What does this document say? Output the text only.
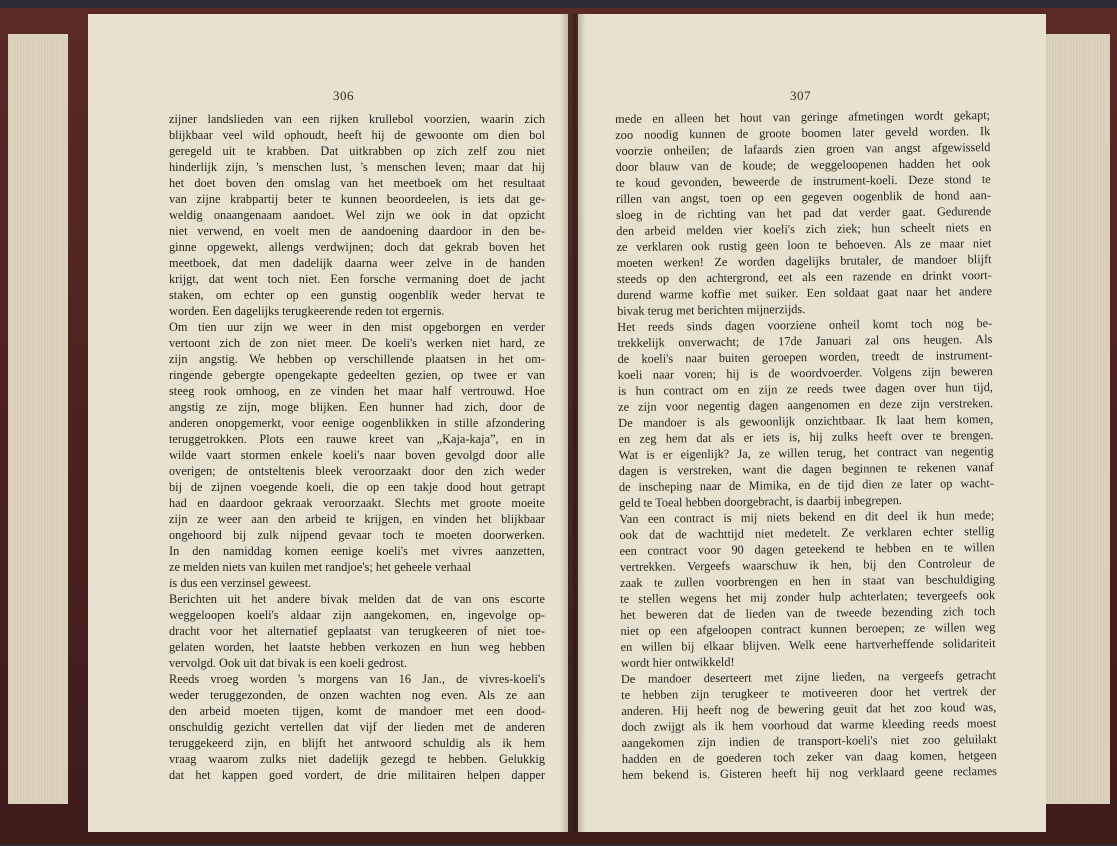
306
zijner landslieden van een rijken krullebol voorzien, waarin zich
blijkbaar veel wild ophoudt, heeft hij de gewoonte om dien bol
geregeld uit te krabben. Dat uitkrabben op zich zelf zou niet
hinderlijk zijn, 's menschen lust, 's menschen leven; maar dat hij
het doet boven den omslag van het meetboek om het resultaat
van zijne krabpartij beter te kunnen beoordeelen, is iets dat ge-
weldig onaangenaam aandoet. Wel zijn we ook in dat opzicht
niet verwend, en voelt men de aandoening daardoor in den be-
ginne opgewekt, allengs verdwijnen; doch dat gekrab boven het
meetboek, dat men dadelijk daarna weer zelve in de handen
krijgt, dat went toch niet. Een forsche vermaning doet de jacht
staken, om echter op een gunstig oogenblik weder hervat te
worden. Een dagelijks terugkeerende reden tot ergernis.
Om tien uur zijn we weer in den mist opgeborgen en verder
vertoont zich de zon niet meer. De koeli's werken niet hard, ze
zijn angstig. We hebben op verschillende plaatsen in het om-
ringende gebergte opengekapte gedeelten gezien, op twee er van
steeg rook omhoog, en ze vinden het maar half vertrouwd. Hoe
angstig ze zijn, moge blijken. Een hunner had zich, door de
anderen onopgemerkt, voor eenige oogenblikken in stille afzondering
teruggetrokken. Plots een rauwe kreet van „Kaja-kaja”, en in
wilde vaart stormen enkele koeli's naar boven gevolgd door alle
overigen; de ontsteltenis bleek veroorzaakt door den zich weder
bij de zijnen voegende koeli, die op een takje dood hout getrapt
had en daardoor gekraak veroorzaakt. Slechts met groote moeite
zijn ze weer aan den arbeid te krijgen, en vinden het blijkbaar
ongehoord bij zulk nijpend gevaar toch te moeten doorwerken.
In den namiddag komen eenige koeli's met vivres aanzetten,
ze melden niets van kuilen met randjoe's; het geheele verhaal
is dus een verzinsel geweest.
Berichten uit het andere bivak melden dat de van ons escorte
weggeloopen koeli's aldaar zijn aangekomen, en, ingevolge op-
dracht voor het alternatief geplaatst van terugkeeren of niet toe-
gelaten worden, het laatste hebben verkozen en hun weg hebben
vervolgd. Ook uit dat bivak is een koeli gedrost.
Reeds vroeg worden 's morgens van 16 Jan., de vivres-koeli's
weder teruggezonden, de onzen wachten nog even. Als ze aan
den arbeid moeten tijgen, komt de mandoer met een dood-
onschuldig gezicht vertellen dat vijf der lieden met de anderen
teruggekeerd zijn, en blijft het antwoord schuldig als ik hem
vraag waarom zulks niet dadelijk gezegd te hebben. Gelukkig
dat het kappen goed vordert, de drie militairen helpen dapper
307
mede en alleen het hout van geringe afmetingen wordt gekapt;
zoo noodig kunnen de groote boomen later geveld worden. Ik
voorzie onheilen; de lafaards zien groen van angst afgewisseld
door blauw van de koude; de weggeloopenen hadden het ook
te koud gevonden, beweerde de instrument-koeli. Deze stond te
rillen van angst, toen op een gegeven oogenblik de hond aan-
sloeg in de richting van het pad dat verder gaat. Gedurende
den arbeid melden vier koeli's zich ziek; hun scheelt niets en
ze verklaren ook rustig geen loon te behoeven. Als ze maar niet
moeten werken! Ze worden dagelijks brutaler, de mandoer blijft
steeds op den achtergrond, eet als een razende en drinkt voort-
durend warme koffie met suiker. Een soldaat gaat naar het andere
bivak terug met berichten mijnerzijds.
Het reeds sinds dagen voorziene onheil komt toch nog be-
trekkelijk onverwacht; de 17de Januari zal ons heugen. Als
de koeli's naar buiten geroepen worden, treedt de instrument-
koeli naar voren; hij is de woordvoerder. Volgens zijn beweren
is hun contract om en zijn ze reeds twee dagen over hun tijd,
ze zijn voor negentig dagen aangenomen en deze zijn verstreken.
De mandoer is als gewoonlijk onzichtbaar. Ik laat hem komen,
en zeg hem dat als er iets is, hij zulks heeft over te brengen.
Wat is er eigenlijk? Ja, ze willen terug, het contract van negentig
dagen is verstreken, want die dagen beginnen te rekenen vanaf
de inscheping naar de Mimika, en de tijd dien ze later op wacht-
geld te Toeal hebben doorgebracht, is daarbij inbegrepen.
Van een contract is mij niets bekend en dit deel ik hun mede;
ook dat de wachttijd niet medetelt. Ze verklaren echter stellig
een contract voor 90 dagen geteekend te hebben en te willen
vertrekken. Vergeefs waarschuw ik hen, bij den Controleur de
zaak te zullen voorbrengen en hen in staat van beschuldiging
te stellen wegens het mij zonder hulp achterlaten; tevergeefs ook
het beweren dat de lieden van de tweede bezending zich toch
niet op een afgeloopen contract kunnen beroepen; ze willen weg
en willen bij elkaar blijven. Welk eene hartverheffende solidariteit
wordt hier ontwikkeld!
De mandoer deserteert met zijne lieden, na vergeefs getracht
te hebben zijn terugkeer te motiveeren door het vertrek der
anderen. Hij heeft nog de bewering geuit dat het zoo koud was,
doch zwijgt als ik hem voorhoud dat warme kleeding reeds moest
aangekomen zijn indien de transport-koeli's niet zoo geluilakt
hadden en de goederen toch zeker van daag komen, hetgeen
hem bekend is. Gisteren heeft hij nog verklaard geene reclames
